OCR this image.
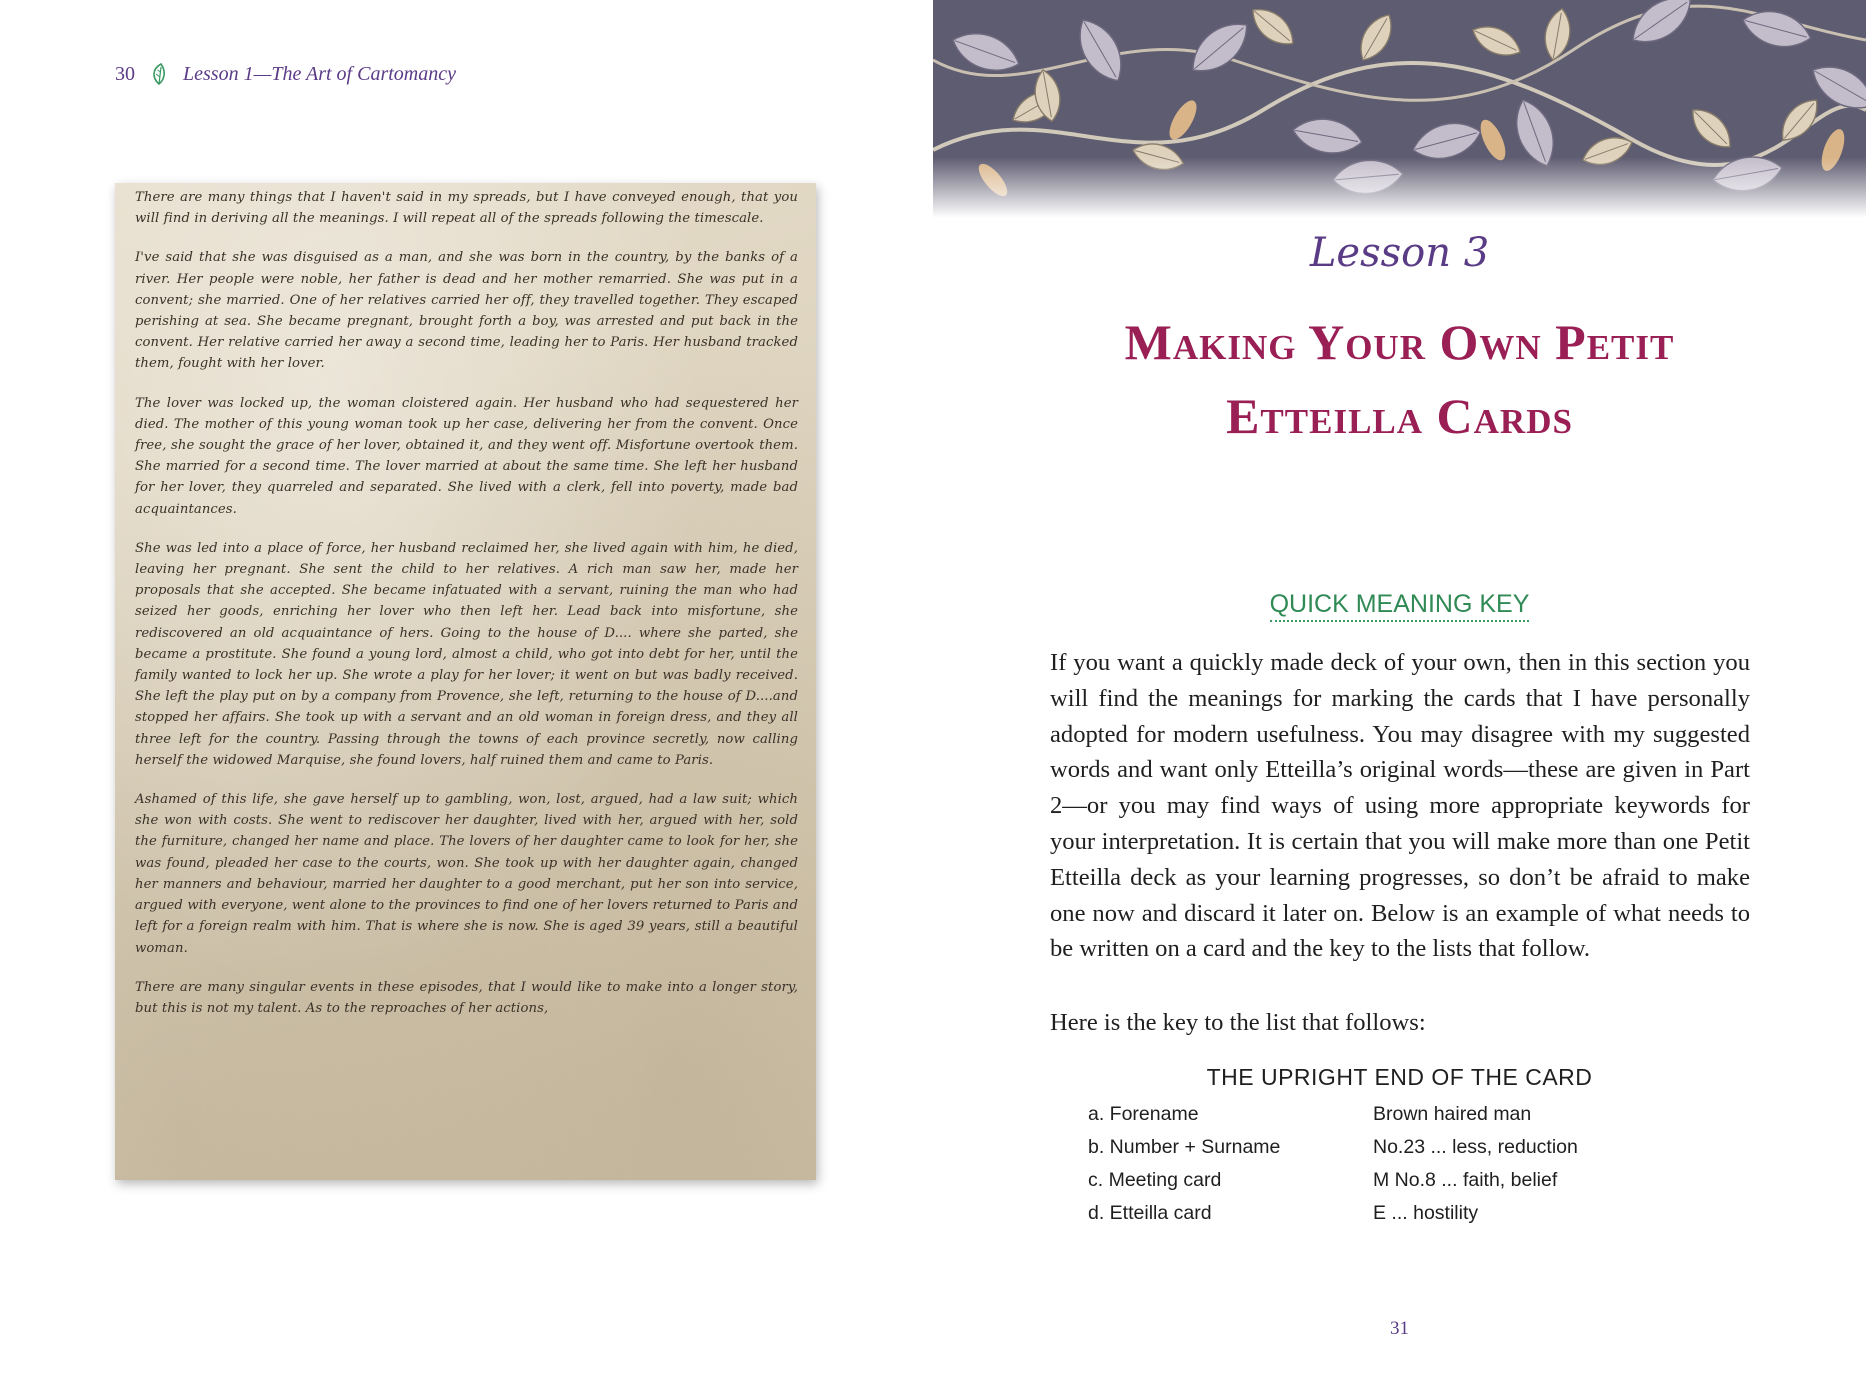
30 Lesson 1—The Art of Cartomancy

There are many things that I haven't said in my spreads, but I have conveyed enough, that you will find in deriving all the meanings. I will repeat all of the spreads following the timescale.

I've said that she was disguised as a man, and she was born in the country, by the banks of a river. Her people were noble, her father is dead and her mother remarried. She was put in a convent; she married. One of her relatives carried her off, they travelled together. They escaped perishing at sea. She became pregnant, brought forth a boy, was arrested and put back in the convent. Her relative carried her away a second time, leading her to Paris. Her husband tracked them, fought with her lover.

The lover was locked up, the woman cloistered again. Her husband who had sequestered her died. The mother of this young woman took up her case, delivering her from the convent. Once free, she sought the grace of her lover, obtained it, and they went off. Misfortune overtook them. She married for a second time. The lover married at about the same time. She left her husband for her lover, they quarreled and separated. She lived with a clerk, fell into poverty, made bad acquaintances.

She was led into a place of force, her husband reclaimed her, she lived again with him, he died, leaving her pregnant. She sent the child to her relatives. A rich man saw her, made her proposals that she accepted. She became infatuated with a servant, ruining the man who had seized her goods, enriching her lover who then left her. Lead back into misfortune, she rediscovered an old acquaintance of hers. Going to the house of D.... where she parted, she became a prostitute. She found a young lord, almost a child, who got into debt for her, until the family wanted to lock her up. She wrote a play for her lover; it went on but was badly received. She left the play put on by a company from Provence, she left, returning to the house of D....and stopped her affairs. She took up with a servant and an old woman in foreign dress, and they all three left for the country. Passing through the towns of each province secretly, now calling herself the widowed Marquise, she found lovers, half ruined them and came to Paris.

Ashamed of this life, she gave herself up to gambling, won, lost, argued, had a law suit; which she won with costs. She went to rediscover her daughter, lived with her, argued with her, sold the furniture, changed her name and place. The lovers of her daughter came to look for her, she was found, pleaded her case to the courts, won. She took up with her daughter again, changed her manners and behaviour, married her daughter to a good merchant, put her son into service, argued with everyone, went alone to the provinces to find one of her lovers returned to Paris and left for a foreign realm with him. That is where she is now. She is aged 39 years, still a beautiful woman.

There are many singular events in these episodes, that I would like to make into a longer story, but this is not my talent. As to the reproaches of her actions,

Lesson 3
Making Your Own Petit
Etteilla Cards
QUICK MEANING KEY

If you want a quickly made deck of your own, then in this section you will find the meanings for marking the cards that I have personally adopted for modern usefulness. You may disagree with my suggested words and want only Etteilla’s original words—these are given in Part 2—or you may find ways of using more appropriate keywords for your interpretation. It is certain that you will make more than one Petit Etteilla deck as your learning progresses, so don’t be afraid to make one now and discard it later on. Below is an example of what needs to be written on a card and the key to the lists that follow.

Here is the key to the list that follows:

THE UPRIGHT END OF THE CARD
a. Forename	Brown haired man
b. Number + Surname	No.23 ... less, reduction
c. Meeting card	M No.8 ... faith, belief
d. Etteilla card	E ... hostility
31
